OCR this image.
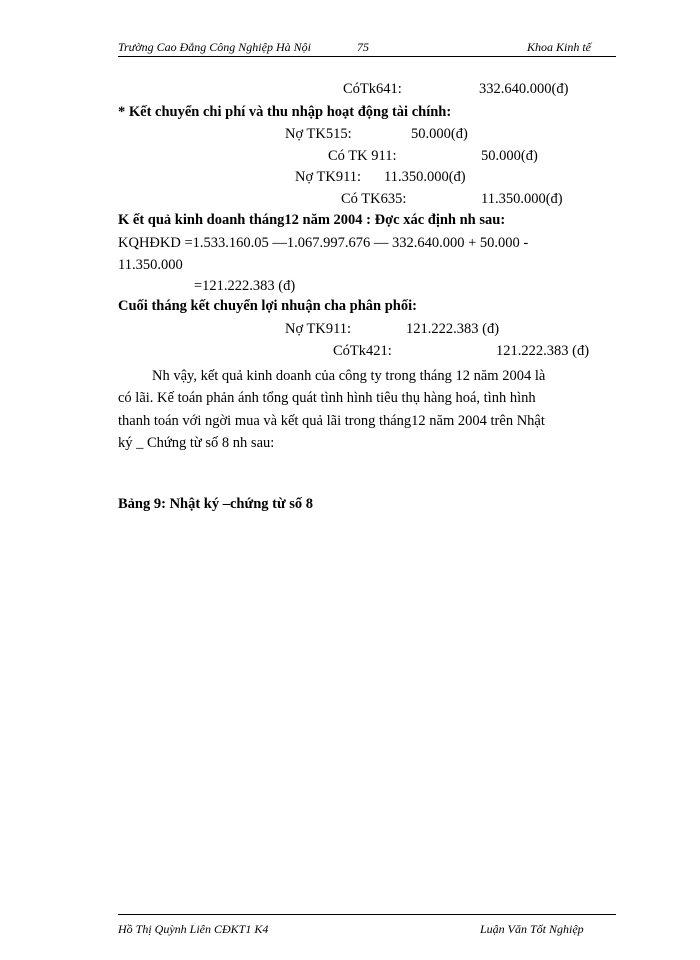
Trường Cao Đẳng Công Nghiệp Hà Nội	75	Khoa Kinh tế
CóTk641:	332.640.000(đ)
* Kết chuyển chi phí và thu nhập hoạt động tài chính:
Nợ TK515:	50.000(đ)
Có TK 911:	50.000(đ)
Nợ TK911: 11.350.000(đ)
Có TK635:	11.350.000(đ)
K ết quả kinh doanh tháng12 năm 2004 : Đợc xác định nh sau:
KQHĐKD =1.533.160.05 —1.067.997.676 — 332.640.000 + 50.000 -
11.350.000
=121.222.383 (đ)
Cuối tháng kết chuyển lợi nhuận cha phân phối:
Nợ TK911:	121.222.383 (đ)
CóTk421:	121.222.383 (đ)
Nh vậy, kết quả kinh doanh của công ty trong tháng 12 năm 2004 là
có lãi. Kế toán phản ánh tổng quát tình hình tiêu thụ hàng hoá, tình hình
thanh toán với ngời mua và kết quả lãi trong tháng12 năm 2004 trên Nhật
ký _ Chứng từ số 8 nh sau:
Bảng 9: Nhật ký –chứng từ số 8
Hồ Thị Quỳnh Liên CĐKT1 K4	Luận Văn Tốt Nghiệp
